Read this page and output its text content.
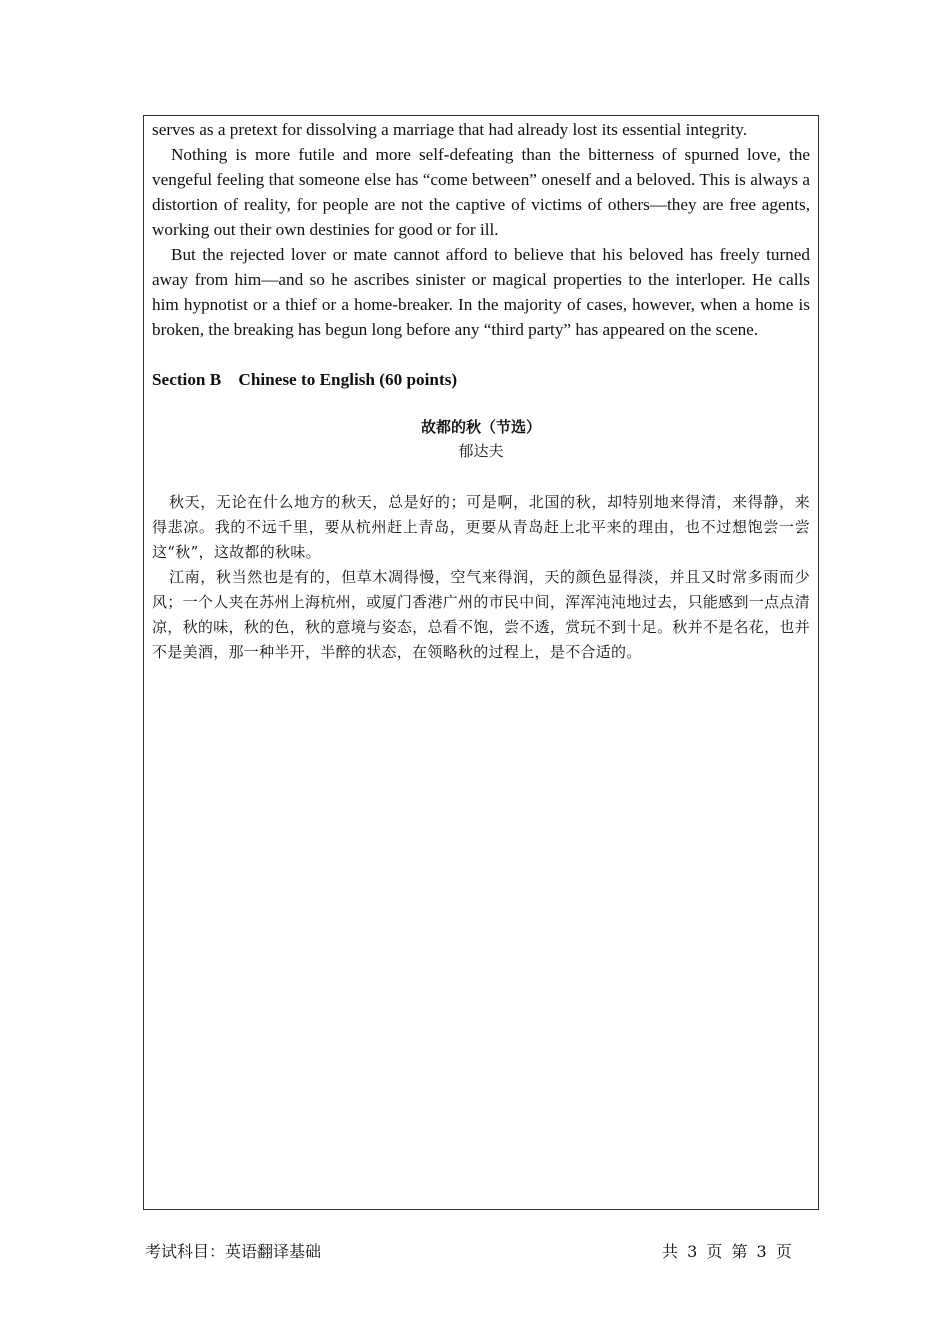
serves as a pretext for dissolving a marriage that had already lost its essential integrity.

Nothing is more futile and more self-defeating than the bitterness of spurned love, the vengeful feeling that someone else has “come between” oneself and a beloved. This is always a distortion of reality, for people are not the captive of victims of others—they are free agents, working out their own destinies for good or for ill.

But the rejected lover or mate cannot afford to believe that his beloved has freely turned away from him—and so he ascribes sinister or magical properties to the interloper. He calls him hypnotist or a thief or a home-breaker. In the majority of cases, however, when a home is broken, the breaking has begun long before any “third party” has appeared on the scene.

Section B    Chinese to English (60 points)

故都的秋（节选）

郁达夫

秋天，无论在什么地方的秋天，总是好的；可是啊，北国的秋，却特别地来得清，来得静，来得悲凉。我的不远千里，要从杭州赶上青岛，更要从青岛赶上北平来的理由，也不过想饱尝一尝这“秋”，这故都的秋味。

江南，秋当然也是有的，但草木凋得慢，空气来得润，天的颜色显得淡，并且又时常多雨而少风；一个人夹在苏州上海杭州，或厦门香港广州的市民中间，浑浑沌沌地过去，只能感到一点点清凉，秋的味，秋的色，秋的意境与姿态，总看不饱，尝不透，赏玩不到十足。秋并不是名花，也并不是美酒，那一种半开，半醉的状态，在领略秋的过程上，是不合适的。

考试科目：英语翻译基础	共 3 页 第 3 页
